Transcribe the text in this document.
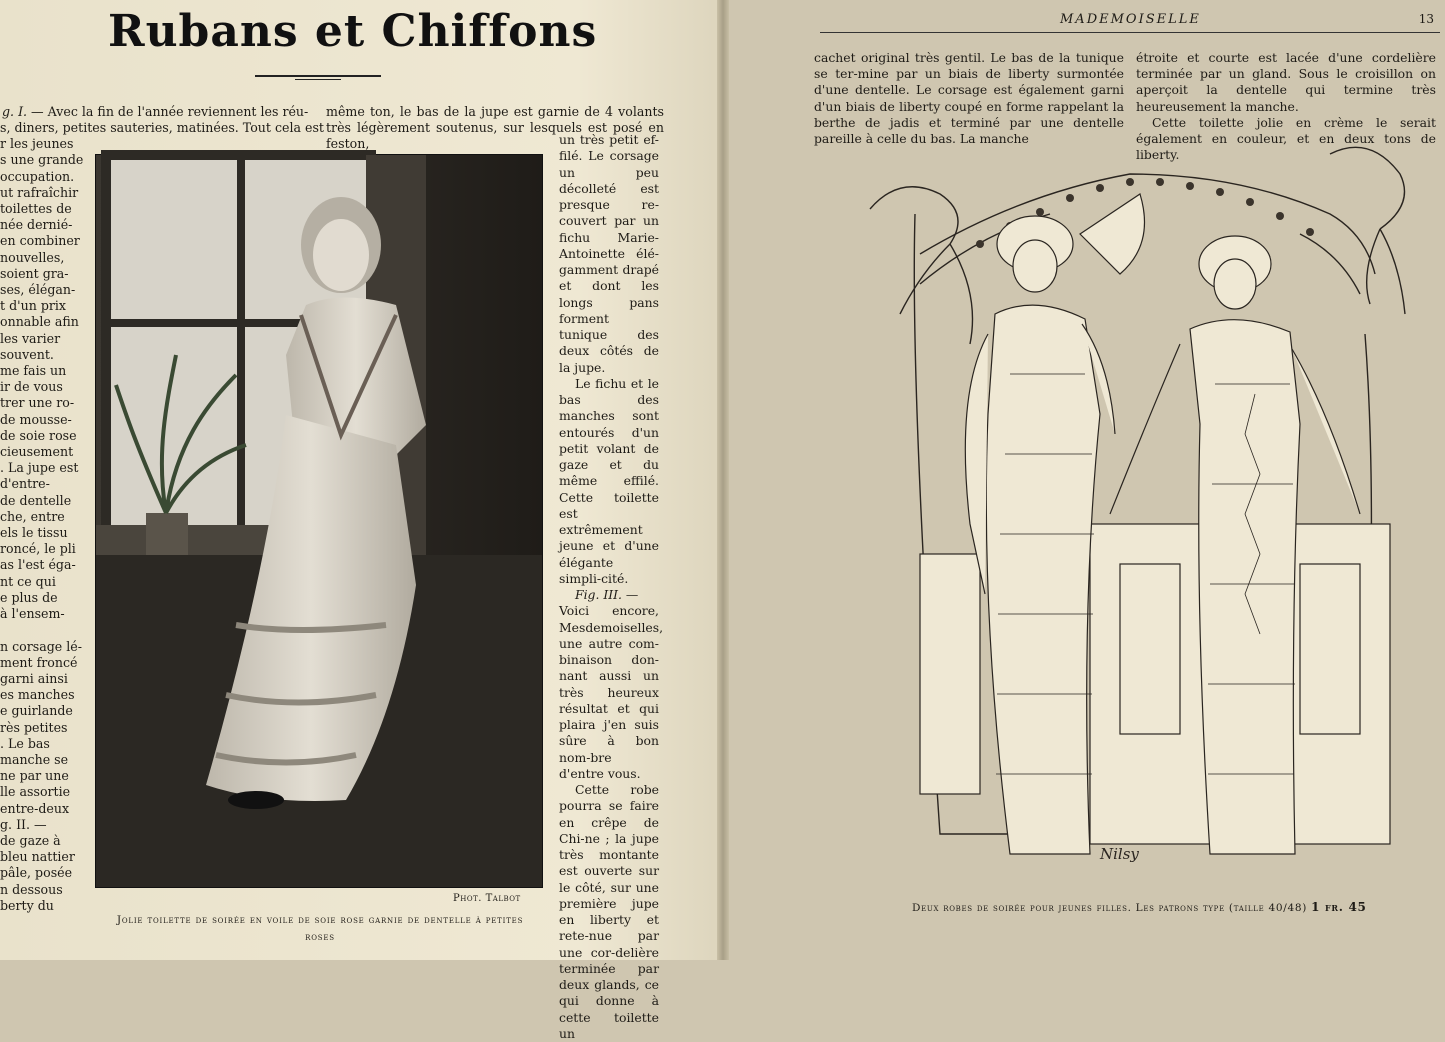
Rubans et Chiffons
g. I. — Avec la fin de l'année reviennent les réu-
s, diners, petites sauteries, matinées. Tout cela est
r les jeunes
s une grande
occupation.
ut rafraîchir
toilettes de
née dernié-
en combiner
nouvelles,
soient gra-
ses, élégan-
t d'un prix
onnable afin
les varier
souvent.
me fais un
ir de vous
trer une ro-
de mousse-
de soie rose
cieusement
. La jupe est
d'entre-
de dentelle
che, entre
els le tissu
roncé, le pli
as l'est éga-
nt ce qui
e plus de
à l'ensem-

n corsage lé-
ment froncé
garni ainsi
es manches
e guirlande
rès petites
. Le bas
manche se
ne par une
lle assortie
entre-deux
g. II. —
de gaze à
bleu nattier
pâle, posée
n dessous
berty du
même ton, le bas de la jupe est garnie de 4 volants très légèrement soutenus, sur lesquels est posé en feston,	un très petit ef-filé. Le corsage un peu décolleté est presque re-couvert par un fichu Marie-Antoinette élé-gamment drapé et dont les longs pans forment tunique des deux côtés de la jupe.

Le fichu et le bas des manches sont entourés d'un petit volant de gaze et du même effilé. Cette toilette est extrêmement jeune et d'une élégante simpli-cité.

Fig. III. —

Voici encore, Mesdemoiselles, une autre com-binaison don-nant aussi un très heureux résultat et qui plaira j'en suis sûre à bon nom-bre d'entre vous.

Cette robe pourra se faire en crêpe de Chi-ne ; la jupe très montante est ouverte sur le côté, sur une première jupe en liberty et rete-nue par une cor-delière terminée par deux glands, ce qui donne à cette toilette un

Phot. Talbot

Jolie toilette de soirée en voile de soie rose garnie de dentelle à petites roses

MADEMOISELLE	13
cachet original très gentil. Le bas de la tunique se ter-mine par un biais de liberty surmontée d'une dentelle. Le corsage est également garni d'un biais de liberty coupé en forme rappelant la berthe de jadis et terminé par une dentelle pareille à celle du bas. La manche

étroite et courte est lacée d'une cordelière terminée par un gland. Sous le croisillon on aperçoit la dentelle qui termine très heureusement la manche.

Cette toilette jolie en crème le serait également en couleur, et en deux tons de liberty.

Nilsy

Deux robes de soirée pour jeunes filles. Les patrons type (taille 40/48) 1 fr. 45
